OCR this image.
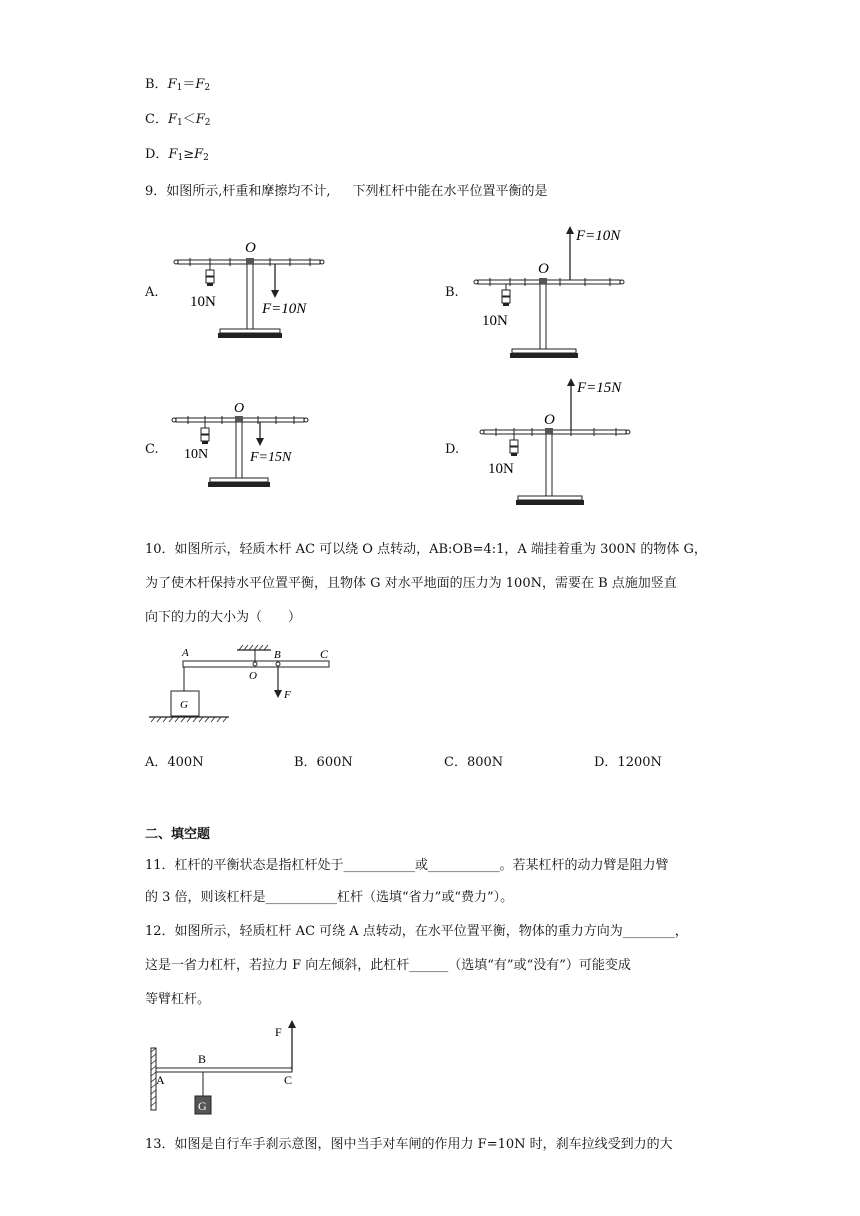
B．$F_1=F_2$
C．$F_1<F_2$
D．$F_1\ge F_2$
9．如图所示,杆重和摩擦均不计, 下列杠杆中能在水平位置平衡的是
A.	B.
C.	D.
O
10N	F=10N
O
10N
F=10N
O
10N	F=15N
O
10N
F=15N
10．如图所示，轻质木杆 AC 可以绕 O 点转动，AB:OB=4:1，A 端挂着重为 300N 的物体 G，
为了使木杆保持水平位置平衡，且物体 G 对水平地面的压力为 100N，需要在 B 点施加竖直
向下的力的大小为（　　）
A	B	C
O
G
F
A．400N	B．600N	C．800N	D．1200N
二、填空题
11．杠杆的平衡状态是指杠杆处于___________或___________。若某杠杆的动力臂是阻力臂
的 3 倍，则该杠杆是___________杠杆（选填“省力”或“费力”）。
12．如图所示，轻质杠杆 AC 可绕 A 点转动，在水平位置平衡，物体的重力方向为________，
这是一省力杠杆，若拉力 F 向左倾斜，此杠杆______（选填“有”或“没有”）可能变成
等臂杠杆。
F
B
A	C
G
13．如图是自行车手刹示意图，图中当手对车闸的作用力 F=10N 时，刹车拉线受到力的大
